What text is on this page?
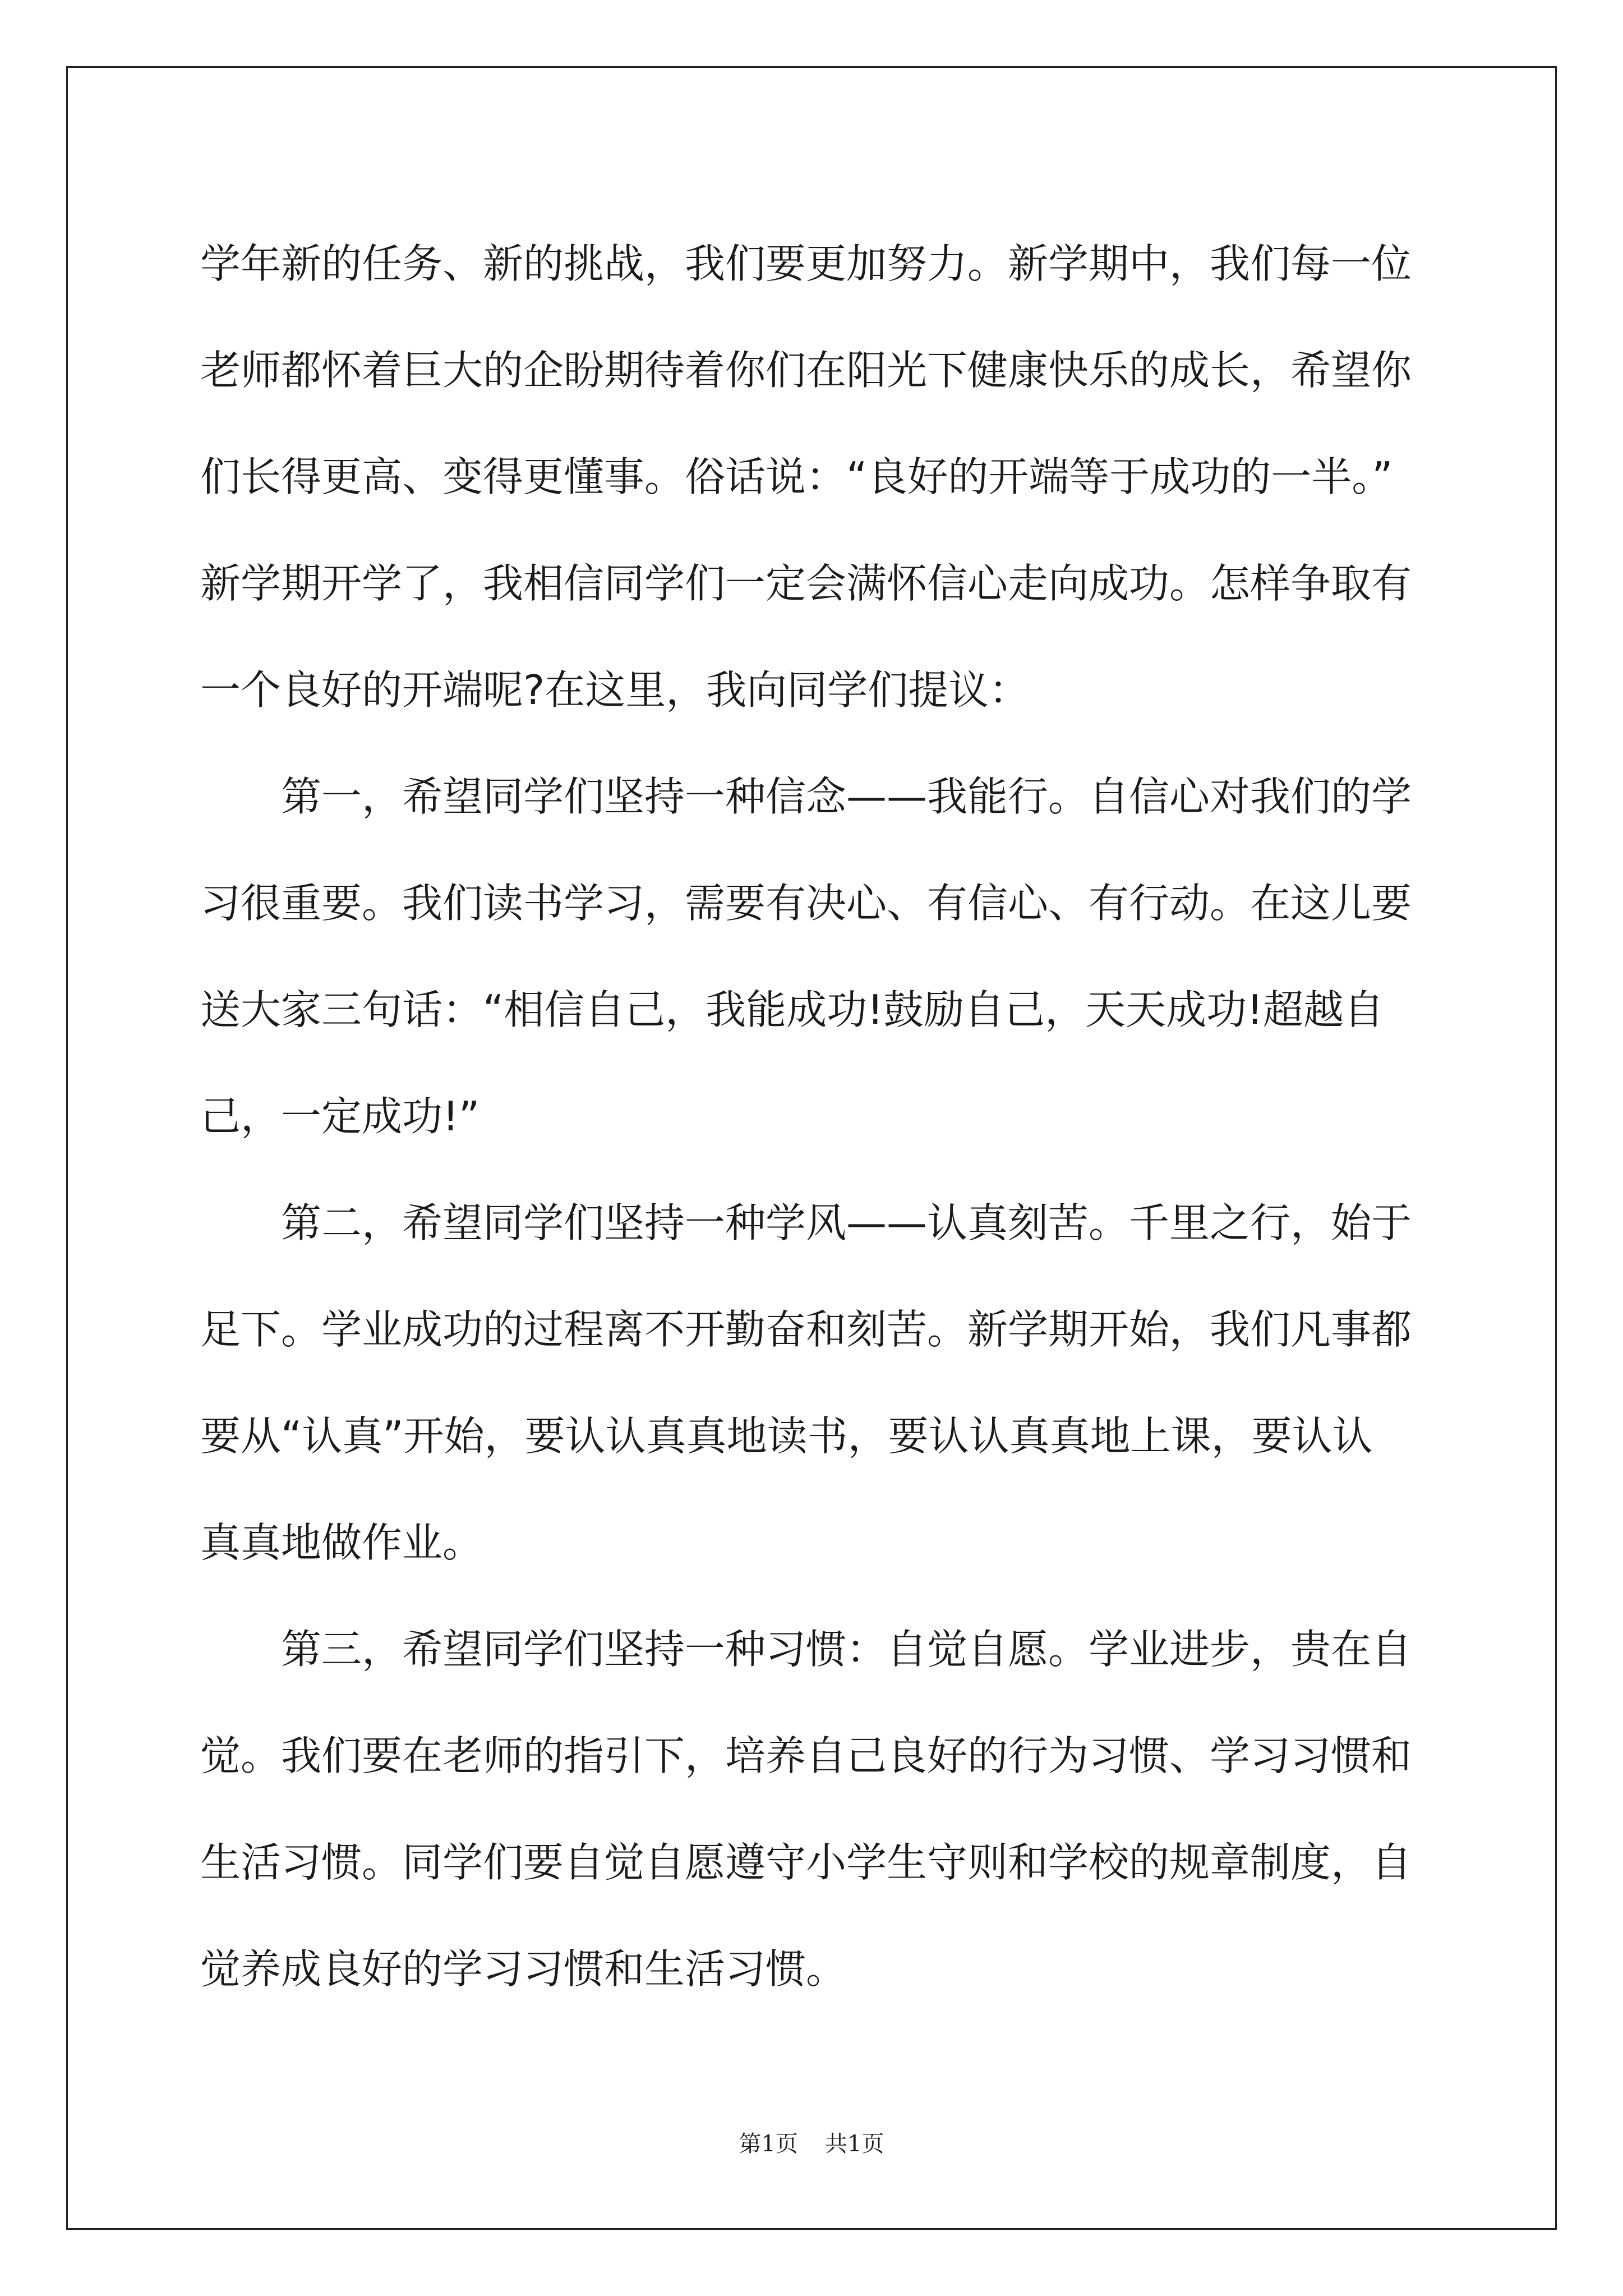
学年新的任务、新的挑战，我们要更加努力。新学期中，我们每一位
老师都怀着巨大的企盼期待着你们在阳光下健康快乐的成长，希望你
们长得更高、变得更懂事。俗话说：“良好的开端等于成功的一半。”
新学期开学了，我相信同学们一定会满怀信心走向成功。怎样争取有
一个良好的开端呢?在这里，我向同学们提议：
第一，希望同学们坚持一种信念——我能行。自信心对我们的学
习很重要。我们读书学习，需要有决心、有信心、有行动。在这儿要
送大家三句话：“相信自己，我能成功!鼓励自己，天天成功!超越自
己，一定成功!”
第二，希望同学们坚持一种学风——认真刻苦。千里之行，始于
足下。学业成功的过程离不开勤奋和刻苦。新学期开始，我们凡事都
要从“认真”开始，要认认真真地读书，要认认真真地上课，要认认
真真地做作业。
第三，希望同学们坚持一种习惯：自觉自愿。学业进步，贵在自
觉。我们要在老师的指引下，培养自己良好的行为习惯、学习习惯和
生活习惯。同学们要自觉自愿遵守小学生守则和学校的规章制度，自
觉养成良好的学习习惯和生活习惯。
第1页 共1页
